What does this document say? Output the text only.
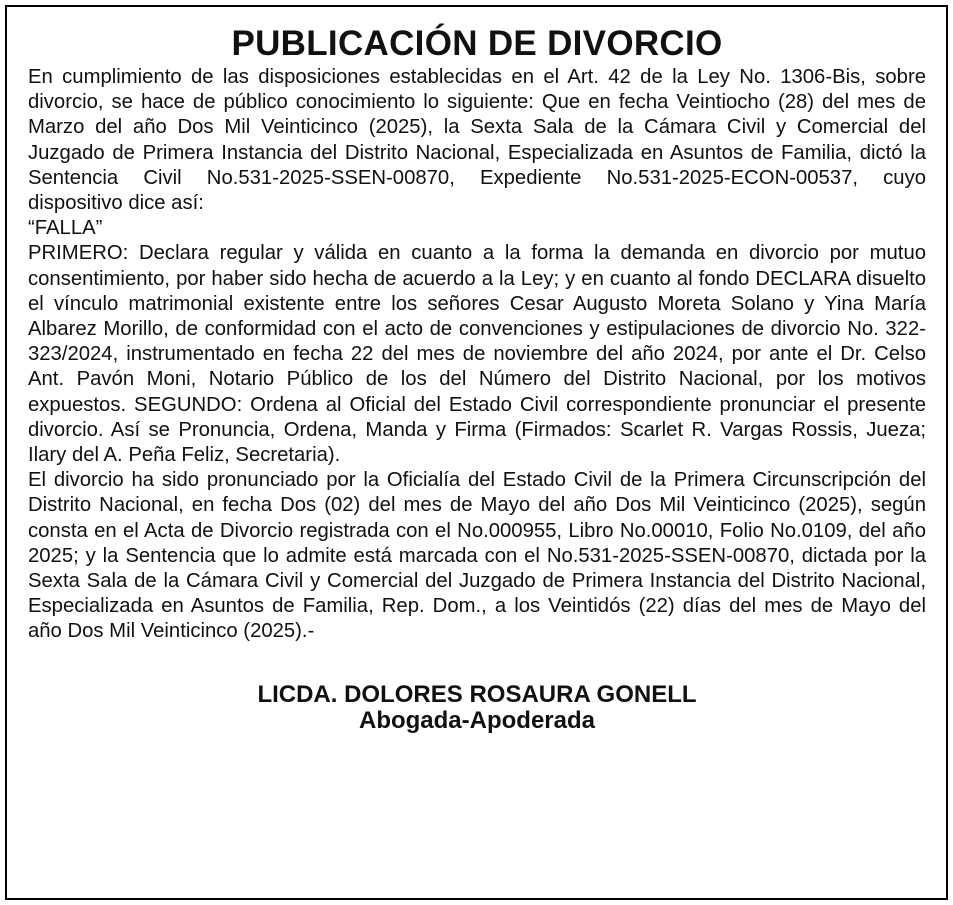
PUBLICACIÓN DE DIVORCIO

En cumplimiento de las disposiciones establecidas en el Art. 42 de la Ley No. 1306-Bis, sobre divorcio, se hace de público conocimiento lo siguiente: Que en fecha Veintiocho (28) del mes de Marzo del año Dos Mil Veinticinco (2025), la Sexta Sala de la Cámara Civil y Comercial del Juzgado de Primera Instancia del Distrito Nacional, Especializada en Asuntos de Familia, dictó la Sentencia Civil No.531-2025-SSEN-00870, Expediente No.531-2025-ECON-00537, cuyo dispositivo dice así:

“FALLA”

PRIMERO: Declara regular y válida en cuanto a la forma la demanda en divorcio por mutuo consentimiento, por haber sido hecha de acuerdo a la Ley; y en cuanto al fondo DECLARA disuelto el vínculo matrimonial existente entre los señores Cesar Augusto Moreta Solano y Yina María Albarez Morillo, de conformidad con el acto de convenciones y estipulaciones de divorcio No. 322-323/2024, instrumentado en fecha 22 del mes de noviembre del año 2024, por ante el Dr. Celso Ant. Pavón Moni, Notario Público de los del Número del Distrito Nacional, por los motivos expuestos. SEGUNDO: Ordena al Oficial del Estado Civil correspondiente pronunciar el presente divorcio. Así se Pronuncia, Ordena, Manda y Firma (Firmados: Scarlet R. Vargas Rossis, Jueza; Ilary del A. Peña Feliz, Secretaria).

El divorcio ha sido pronunciado por la Oficialía del Estado Civil de la Primera Circunscripción del Distrito Nacional, en fecha Dos (02) del mes de Mayo del año Dos Mil Veinticinco (2025), según consta en el Acta de Divorcio registrada con el No.000955, Libro No.00010, Folio No.0109, del año 2025; y la Sentencia que lo admite está marcada con el No.531-2025-SSEN-00870, dictada por la Sexta Sala de la Cámara Civil y Comercial del Juzgado de Primera Instancia del Distrito Nacional, Especializada en Asuntos de Familia, Rep. Dom., a los Veintidós (22) días del mes de Mayo del año Dos Mil Veinticinco (2025).-

LICDA. DOLORES ROSAURA GONELL
Abogada-Apoderada
